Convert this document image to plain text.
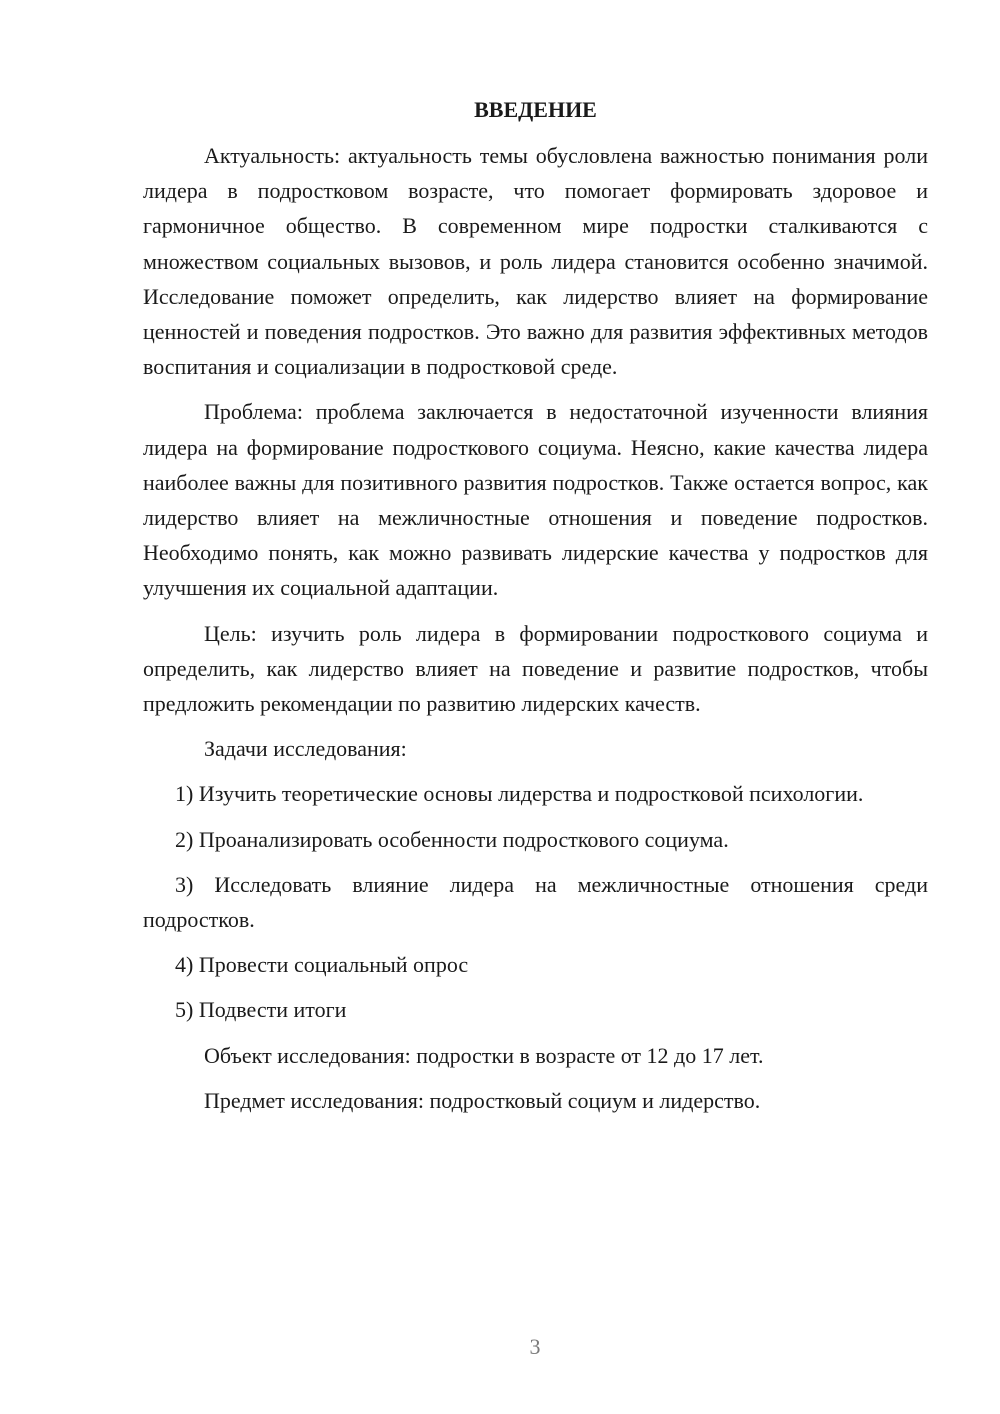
ВВЕДЕНИЕ

Актуальность: актуальность темы обусловлена важностью понимания роли лидера в подростковом возрасте, что помогает формировать здоровое и гармоничное общество. В современном мире подростки сталкиваются с множеством социальных вызовов, и роль лидера становится особенно значимой. Исследование поможет определить, как лидерство влияет на формирование ценностей и поведения подростков. Это важно для развития эффективных методов воспитания и социализации в подростковой среде.

Проблема: проблема заключается в недостаточной изученности влияния лидера на формирование подросткового социума. Неясно, какие качества лидера наиболее важны для позитивного развития подростков. Также остается вопрос, как лидерство влияет на межличностные отношения и поведение подростков. Необходимо понять, как можно развивать лидерские качества у подростков для улучшения их социальной адаптации.

Цель: изучить роль лидера в формировании подросткового социума и определить, как лидерство влияет на поведение и развитие подростков, чтобы предложить рекомендации по развитию лидерских качеств.

Задачи исследования:

1) Изучить теоретические основы лидерства и подростковой психологии.

2) Проанализировать особенности подросткового социума.

3) Исследовать влияние лидера на межличностные отношения среди подростков.

4) Провести социальный опрос

5) Подвести итоги

Объект исследования: подростки в возрасте от 12 до 17 лет.

Предмет исследования: подростковый социум и лидерство.

3
